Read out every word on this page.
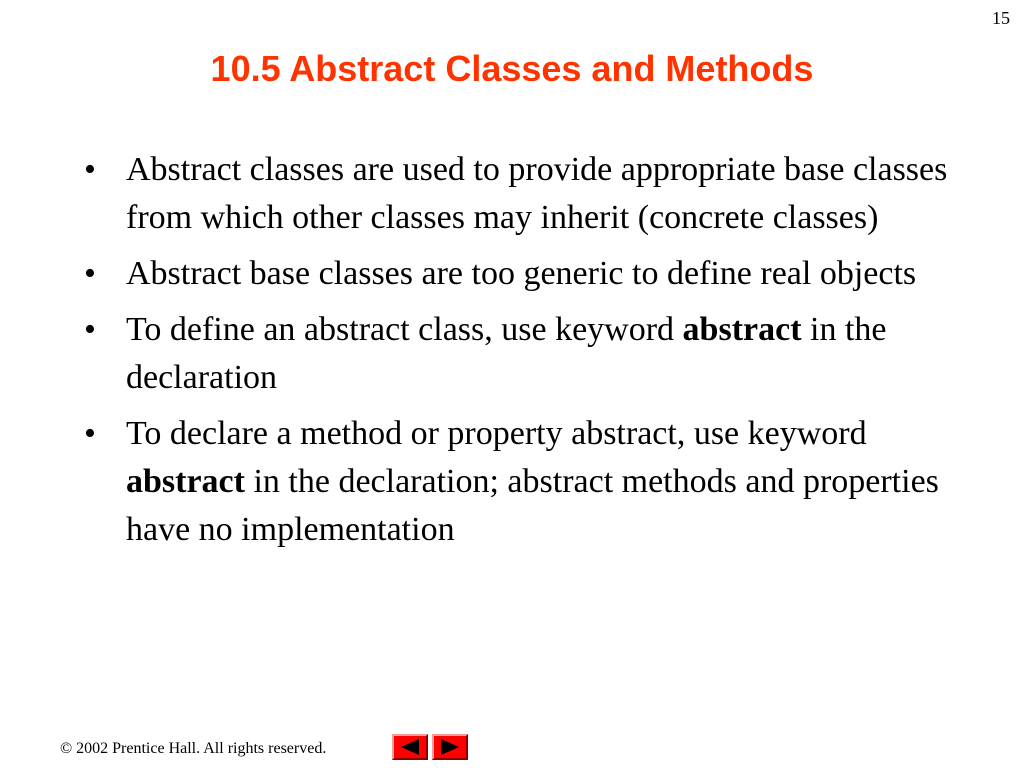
15
10.5 Abstract Classes and Methods
• Abstract classes are used to provide appropriate base classes from which other classes may inherit (concrete classes)
• Abstract base classes are too generic to define real objects
• To define an abstract class, use keyword abstract in the declaration
• To declare a method or property abstract, use keyword abstract in the declaration; abstract methods and properties have no implementation
© 2002 Prentice Hall. All rights reserved.
